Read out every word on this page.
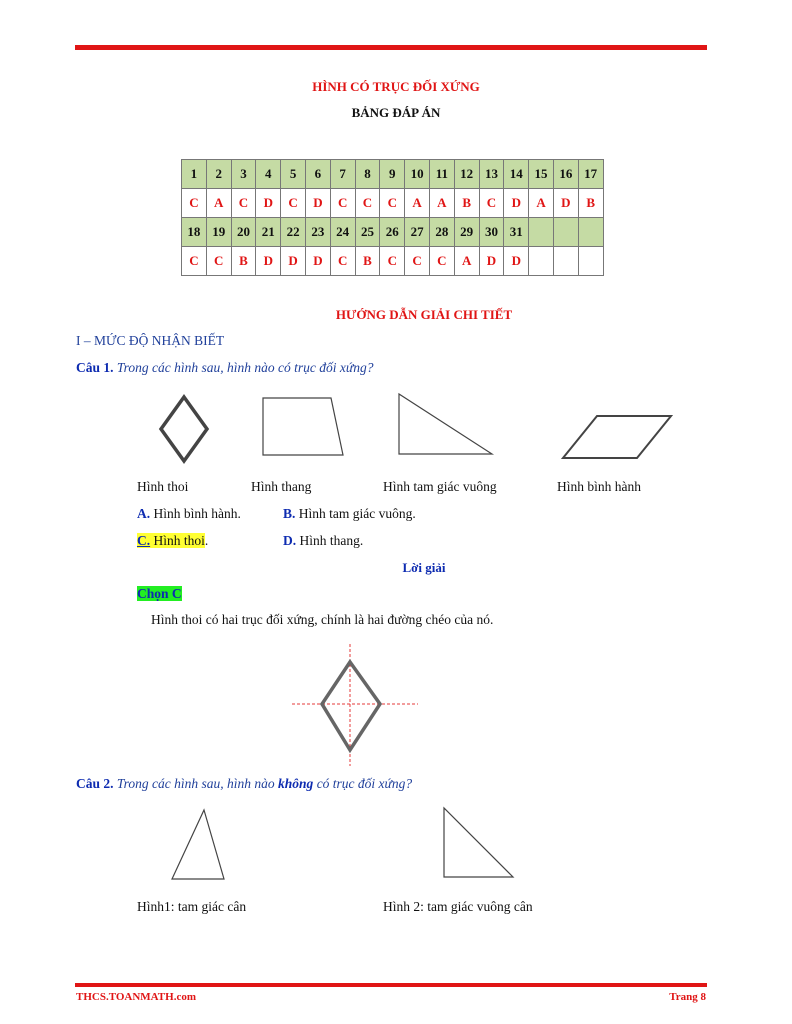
HÌNH CÓ TRỤC ĐỐI XỨNG
BẢNG ĐÁP ÁN
1	2	3	4	5	6	7	8	9	10	11	12	13	14	15	16	17
C	A	C	D	C	D	C	C	C	A	A	B	C	D	A	D	B
18	19	20	21	22	23	24	25	26	27	28	29	30	31			
C	C	B	D	D	D	C	B	C	C	C	A	D	D			
HƯỚNG DẪN GIẢI CHI TIẾT
I – MỨC ĐỘ NHẬN BIẾT
Câu 1. Trong các hình sau, hình nào có trục đối xứng?
Hình thoi	Hình thang	Hình tam giác vuông	Hình bình hành
A. Hình bình hành.	B. Hình tam giác vuông.
C. Hình thoi.	D. Hình thang.
Lời giải
Chọn C
Hình thoi có hai trục đối xứng, chính là hai đường chéo của nó.
Câu 2. Trong các hình sau, hình nào không có trục đối xứng?
Hình1: tam giác cân	Hình 2: tam giác vuông cân
THCS.TOANMATH.com	Trang 8
